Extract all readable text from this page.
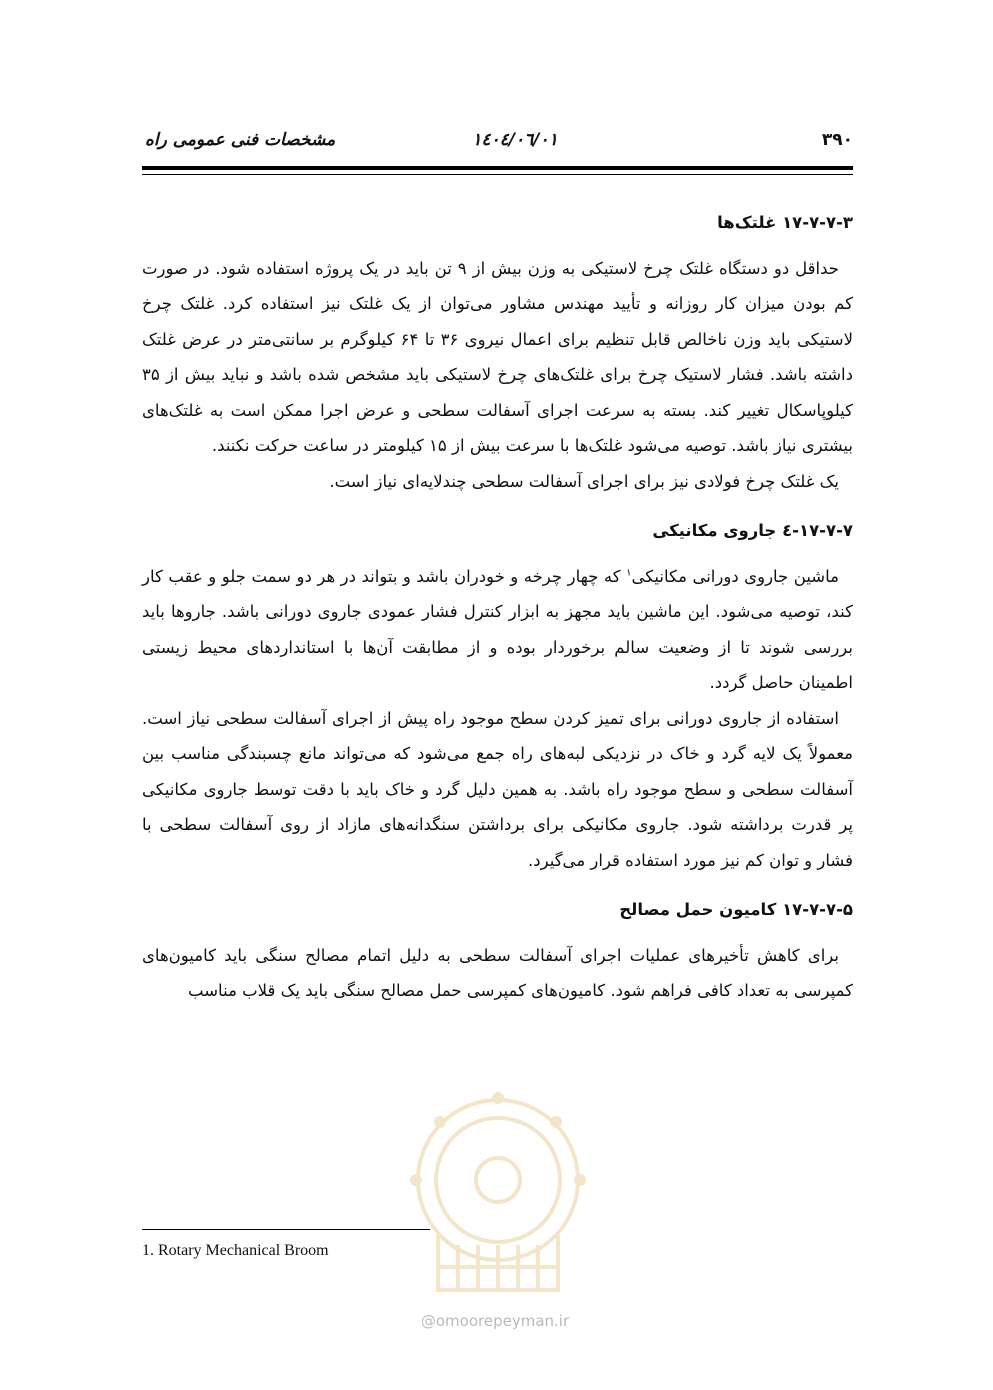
مشخصات فنی عمومی راه	۱٤۰٤/۰٦/۰۱	۳۹۰
۱۷-۷-۷-۳ غلتک‌ها

حداقل دو دستگاه غلتک چرخ لاستیکی به وزن بیش از ۹ تن باید در یک پروژه استفاده شود. در صورت کم بودن میزان کار روزانه و تأیید مهندس مشاور می‌توان از یک غلتک نیز استفاده کرد. غلتک چرخ لاستیکی باید وزن ناخالص قابل تنظیم برای اعمال نیروی ۳۶ تا ۶۴ کیلوگرم بر سانتی‌متر در عرض غلتک داشته باشد. فشار لاستیک چرخ برای غلتک‌های چرخ لاستیکی باید مشخص شده باشد و نباید بیش از ۳۵ کیلوپاسکال تغییر کند. بسته به سرعت اجرای آسفالت سطحی و عرض اجرا ممکن است به غلتک‌های بیشتری نیاز باشد. توصیه می‌شود غلتک‌ها با سرعت بیش از ۱۵ کیلومتر در ساعت حرکت نکنند.

یک غلتک چرخ فولادی نیز برای اجرای آسفالت سطحی چندلایه‌ای نیاز است.

۱۷-۷-۷-٤ جاروی مکانیکی

ماشین جاروی دورانی مکانیکی$^۱$ که چهار چرخه و خودران باشد و بتواند در هر دو سمت جلو و عقب کار کند، توصیه می‌شود. این ماشین باید مجهز به ابزار کنترل فشار عمودی جاروی دورانی باشد. جاروها باید بررسی شوند تا از وضعیت سالم برخوردار بوده و از مطابقت آن‌ها با استانداردهای محیط زیستی اطمینان حاصل گردد.

استفاده از جاروی دورانی برای تمیز کردن سطح موجود راه پیش از اجرای آسفالت سطحی نیاز است. معمولاً یک لایه گرد و خاک در نزدیکی لبه‌های راه جمع می‌شود که می‌تواند مانع چسبندگی مناسب بین آسفالت سطحی و سطح موجود راه باشد. به همین دلیل گرد و خاک باید با دقت توسط جاروی مکانیکی پر قدرت برداشته شود. جاروی مکانیکی برای برداشتن سنگدانه‌های مازاد از روی آسفالت سطحی با فشار و توان کم نیز مورد استفاده قرار می‌گیرد.

۱۷-۷-۷-۵ کامیون حمل مصالح

برای کاهش تأخیرهای عملیات اجرای آسفالت سطحی به دلیل اتمام مصالح سنگی باید کامیون‌های کمپرسی به تعداد کافی فراهم شود. کامیون‌های کمپرسی حمل مصالح سنگی باید یک قلاب مناسب

1. Rotary Mechanical Broom
@omoorepeyman.ir
